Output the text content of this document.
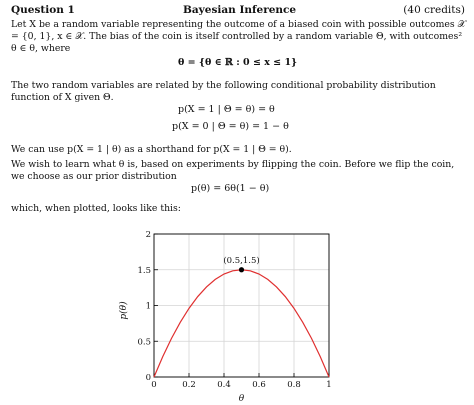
Question 1	Bayesian Inference	(40 credits)
Let X be a random variable representing the outcome of a biased coin with possible outcomes 𝒳 = {0, 1}, x ∈ 𝒳. The bias of the coin is itself controlled by a random variable Θ, with outcomes² θ ∈ θ, where
θ = {θ ∈ ℝ : 0 ≤ x ≤ 1}
The two random variables are related by the following conditional probability distribution function of X given Θ.
p(X = 1 | Θ = θ) = θ
p(X = 0 | Θ = θ) = 1 − θ
We can use p(X = 1 | θ) as a shorthand for p(X = 1 | Θ = θ).
We wish to learn what θ is, based on experiments by flipping the coin. Before we flip the coin, we choose as our prior distribution
p(θ) = 6θ(1 − θ)
which, when plotted, looks like this:
0	0.2	0.4	0.6	0.8	1
0
0.5
1
1.5
2
θ
p(θ)
(0.5,1.5)
